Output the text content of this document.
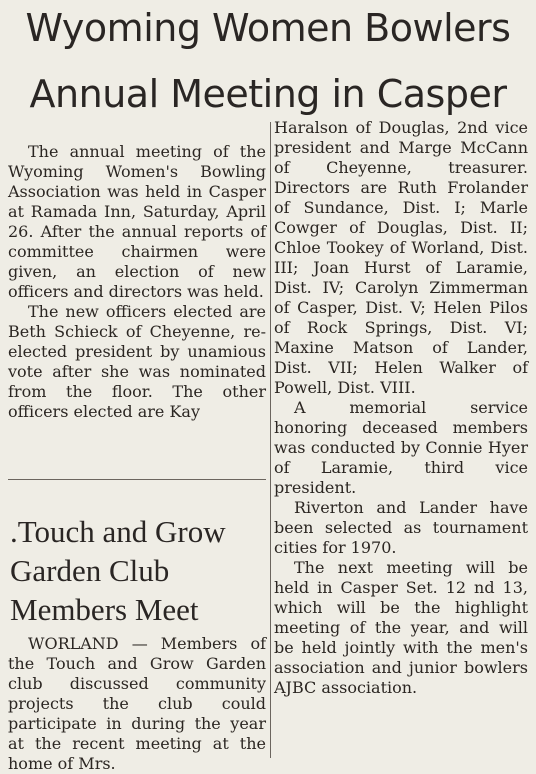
Wyoming Women Bowlers
Annual Meeting in Casper

The annual meeting of the Wyoming Women's Bowling Association was held in Casper at Ramada Inn, Saturday, April 26. After the annual reports of committee chairmen were given, an election of new officers and directors was held.

The new officers elected are Beth Schieck of Cheyenne, re-elected president by unamious vote after she was nominated from the floor. The other officers elected are Kay

.Touch and Grow
Garden Club
Members Meet

WORLAND — Members of the Touch and Grow Garden club discussed community projects the club could participate in during the year at the recent meeting at the home of Mrs.

Haralson of Douglas, 2nd vice president and Marge McCann of Cheyenne, treasurer. Directors are Ruth Frolander of Sundance, Dist. I; Marle Cowger of Douglas, Dist. II; Chloe Tookey of Worland, Dist. III; Joan Hurst of Laramie, Dist. IV; Carolyn Zimmerman of Casper, Dist. V; Helen Pilos of Rock Springs, Dist. VI; Maxine Matson of Lander, Dist. VII; Helen Walker of Powell, Dist. VIII.

A memorial service honoring deceased members was conducted by Connie Hyer of Laramie, third vice president.

Riverton and Lander have been selected as tournament cities for 1970.

The next meeting will be held in Casper Set. 12 nd 13, which will be the highlight meeting of the year, and will be held jointly with the men's association and junior bowlers AJBC association.
